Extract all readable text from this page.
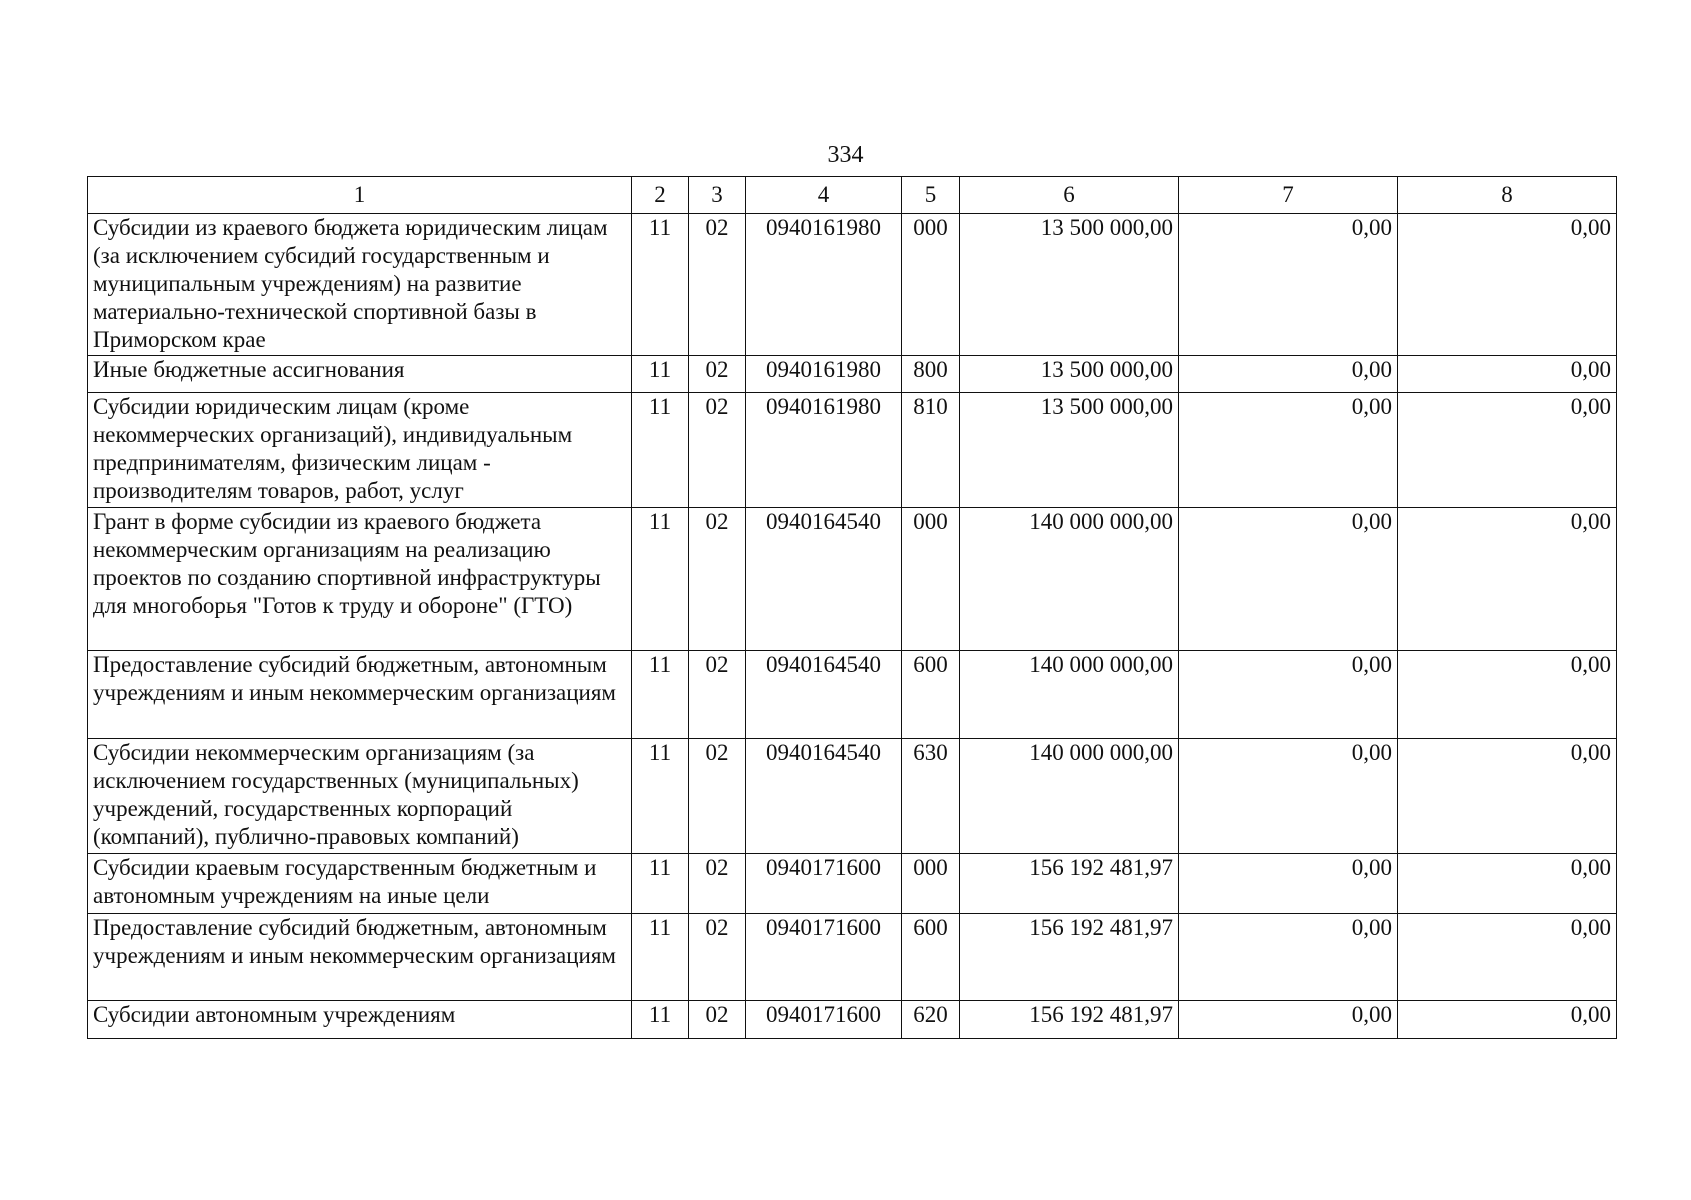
334
1	2	3	4	5	6	7	8
Субсидии из краевого бюджета юридическим лицам (за исключением субсидий государственным и муниципальным учреждениям) на развитие материально-технической спортивной базы в Приморском крае	11	02	0940161980	000	13 500 000,00	0,00	0,00
Иные бюджетные ассигнования	11	02	0940161980	800	13 500 000,00	0,00	0,00
Субсидии юридическим лицам (кроме некоммерческих организаций), индивидуальным предпринимателям, физическим лицам - производителям товаров, работ, услуг	11	02	0940161980	810	13 500 000,00	0,00	0,00
Грант в форме субсидии из краевого бюджета некоммерческим организациям на реализацию проектов по созданию спортивной инфраструктуры для многоборья "Готов к труду и обороне" (ГТО)	11	02	0940164540	000	140 000 000,00	0,00	0,00
Предоставление субсидий бюджетным, автономным учреждениям и иным некоммерческим организациям	11	02	0940164540	600	140 000 000,00	0,00	0,00
Субсидии некоммерческим организациям (за исключением государственных (муниципальных) учреждений, государственных корпораций (компаний), публично-правовых компаний)	11	02	0940164540	630	140 000 000,00	0,00	0,00
Субсидии краевым государственным бюджетным и автономным учреждениям на иные цели	11	02	0940171600	000	156 192 481,97	0,00	0,00
Предоставление субсидий бюджетным, автономным учреждениям и иным некоммерческим организациям	11	02	0940171600	600	156 192 481,97	0,00	0,00
Субсидии автономным учреждениям	11	02	0940171600	620	156 192 481,97	0,00	0,00
